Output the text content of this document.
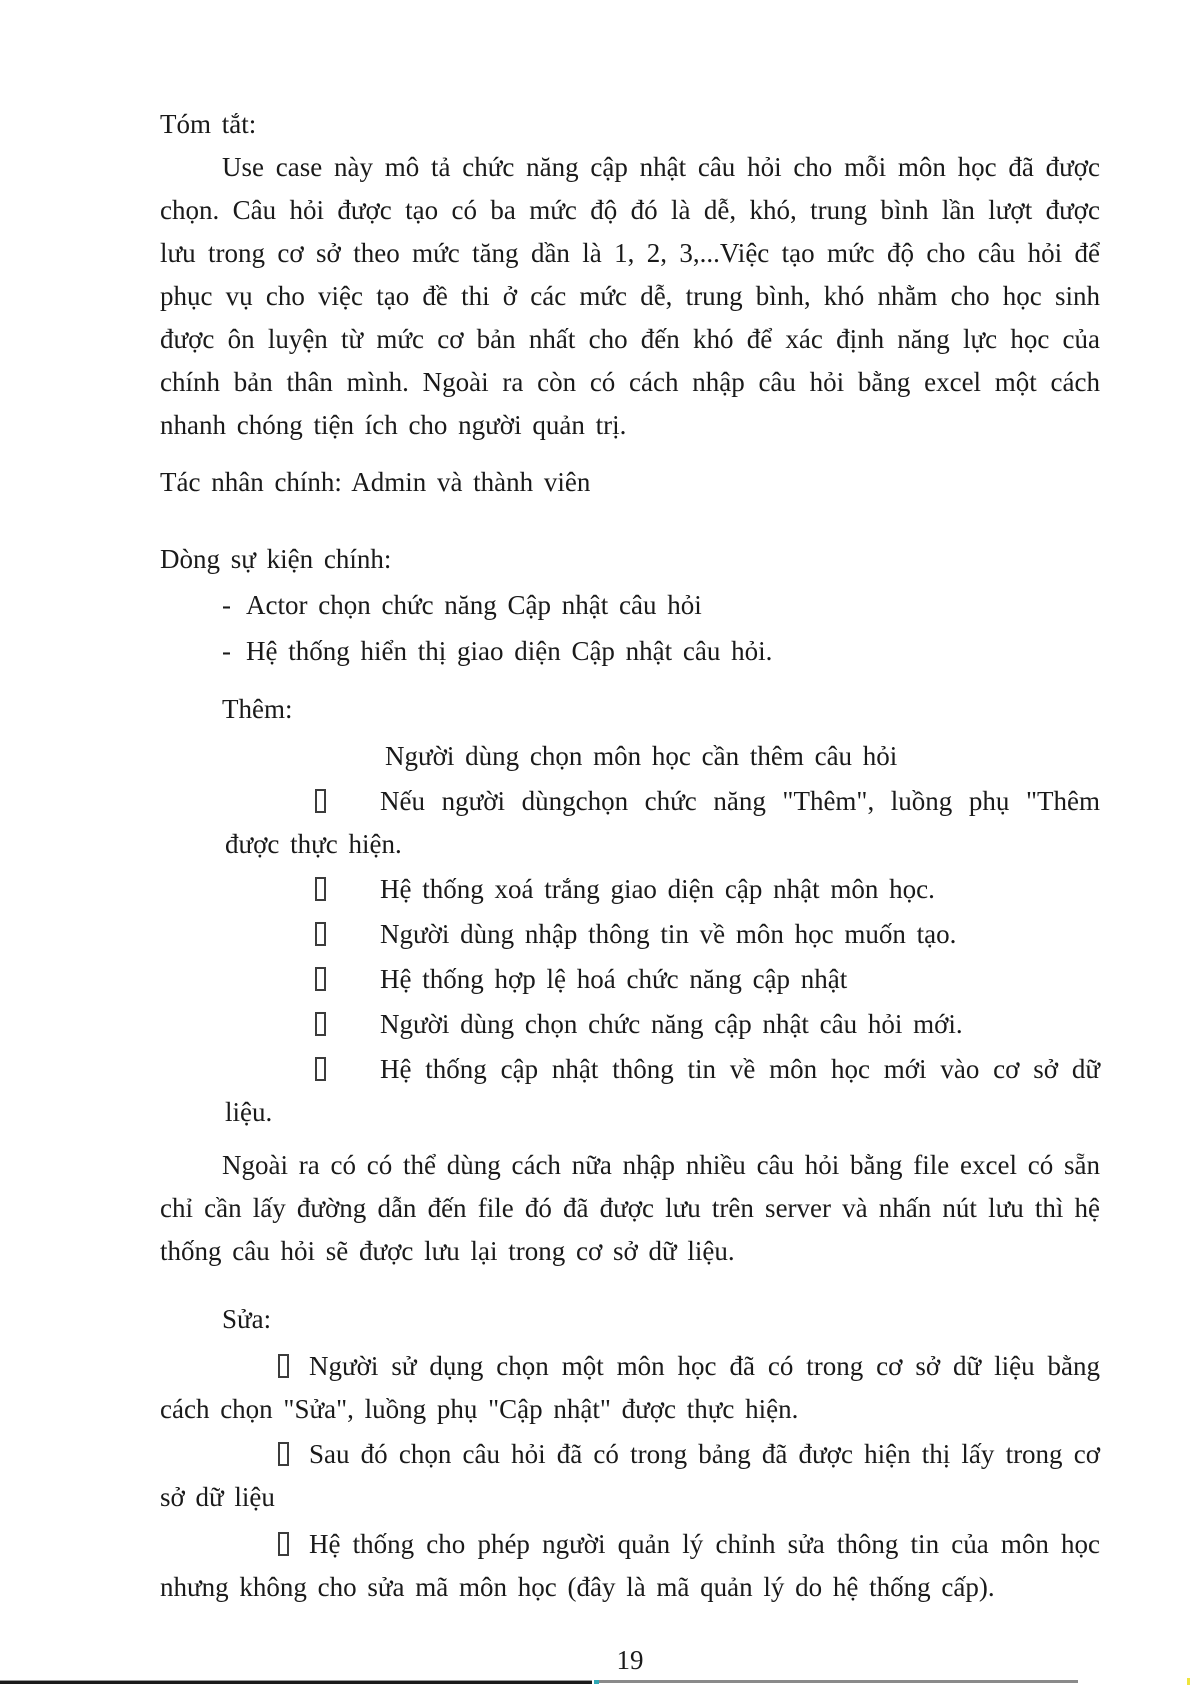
Tóm tắt:

Use case này mô tả chức năng cập nhật câu hỏi cho mỗi môn học đã được chọn. Câu hỏi được tạo có ba mức độ đó là dễ, khó, trung bình lần lượt được lưu trong cơ sở theo mức tăng dần là 1, 2, 3,...Việc tạo mức độ cho câu hỏi để phục vụ cho việc tạo đề thi ở các mức dễ, trung bình, khó nhằm cho học sinh được ôn luyện từ mức cơ bản nhất cho đến khó để xác định năng lực học của chính bản thân mình. Ngoài ra còn có cách nhập câu hỏi bằng excel một cách nhanh chóng tiện ích cho người quản trị.

Tác nhân chính: Admin và thành viên
Dòng sự kiện chính:
- Actor chọn chức năng Cập nhật câu hỏi
- Hệ thống hiển thị giao diện Cập nhật câu hỏi.
Thêm:
Người dùng chọn môn học cần thêm câu hỏi
Nếu người dùngchọn chức năng "Thêm", luồng phụ "Thêm được thực hiện.
Hệ thống xoá trắng giao diện cập nhật môn học.
Người dùng nhập thông tin về môn học muốn tạo.
Hệ thống hợp lệ hoá chức năng cập nhật
Người dùng chọn chức năng cập nhật câu hỏi mới.
Hệ thống cập nhật thông tin về môn học mới vào cơ sở dữ liệu.

Ngoài ra có có thể dùng cách nữa nhập nhiều câu hỏi bằng file excel có sẵn chỉ cần lấy đường dẫn đến file đó đã được lưu trên server và nhấn nút lưu thì hệ thống câu hỏi sẽ được lưu lại trong cơ sở dữ liệu.

Sửa:
Người sử dụng chọn một môn học đã có trong cơ sở dữ liệu bằng cách chọn "Sửa", luồng phụ "Cập nhật" được thực hiện.
Sau đó chọn câu hỏi đã có trong bảng đã được hiện thị lấy trong cơ sở dữ liệu
Hệ thống cho phép người quản lý chỉnh sửa thông tin của môn học nhưng không cho sửa mã môn học (đây là mã quản lý do hệ thống cấp).
19
